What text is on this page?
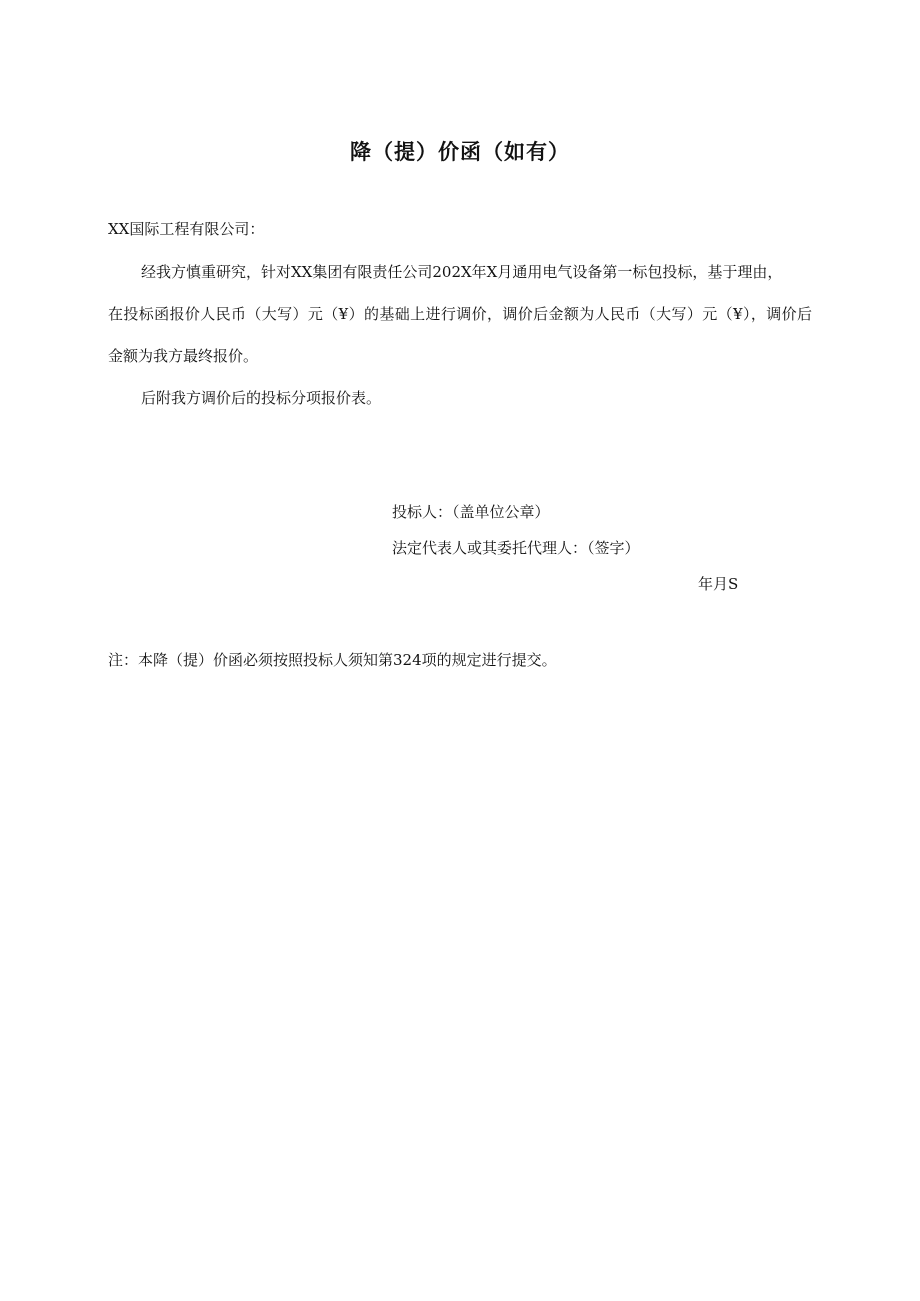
降（提）价函（如有）
XX国际工程有限公司：
经我方慎重研究，针对XX集团有限责任公司202X年X月通用电气设备第一标包投标，基于理由，
在投标函报价人民币（大写）元（¥）的基础上进行调价，调价后金额为人民币（大写）元（¥），调价后
金额为我方最终报价。
后附我方调价后的投标分项报价表。
投标人：（盖单位公章）
法定代表人或其委托代理人：（签字）
年月S
注：本降（提）价函必须按照投标人须知第324项的规定进行提交。
